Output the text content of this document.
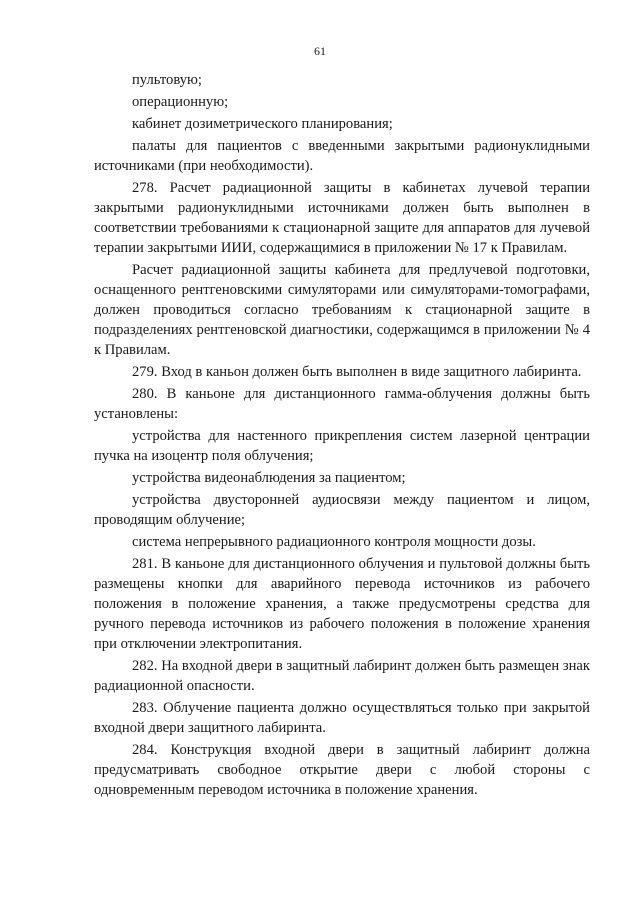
61

пультовую;

операционную;

кабинет дозиметрического планирования;

палаты для пациентов с введенными закрытыми радионуклидными источниками (при необходимости).

278. Расчет радиационной защиты в кабинетах лучевой терапии закрытыми радионуклидными источниками должен быть выполнен в соответствии требованиями к стационарной защите для аппаратов для лучевой терапии закрытыми ИИИ, содержащимися в приложении № 17 к Правилам.

Расчет радиационной защиты кабинета для предлучевой подготовки, оснащенного рентгеновскими симуляторами или симуляторами-томографами, должен проводиться согласно требованиям к стационарной защите в подразделениях рентгеновской диагностики, содержащимся в приложении № 4 к Правилам.

279. Вход в каньон должен быть выполнен в виде защитного лабиринта.

280. В каньоне для дистанционного гамма-облучения должны быть установлены:

устройства для настенного прикрепления систем лазерной центрации пучка на изоцентр поля облучения;

устройства видеонаблюдения за пациентом;

устройства двусторонней аудиосвязи между пациентом и лицом, проводящим облучение;

система непрерывного радиационного контроля мощности дозы.

281. В каньоне для дистанционного облучения и пультовой должны быть размещены кнопки для аварийного перевода источников из рабочего положения в положение хранения, а также предусмотрены средства для ручного перевода источников из рабочего положения в положение хранения при отключении электропитания.

282. На входной двери в защитный лабиринт должен быть размещен знак радиационной опасности.

283. Облучение пациента должно осуществляться только при закрытой входной двери защитного лабиринта.

284. Конструкция входной двери в защитный лабиринт должна предусматривать свободное открытие двери с любой стороны с одновременным переводом источника в положение хранения.
